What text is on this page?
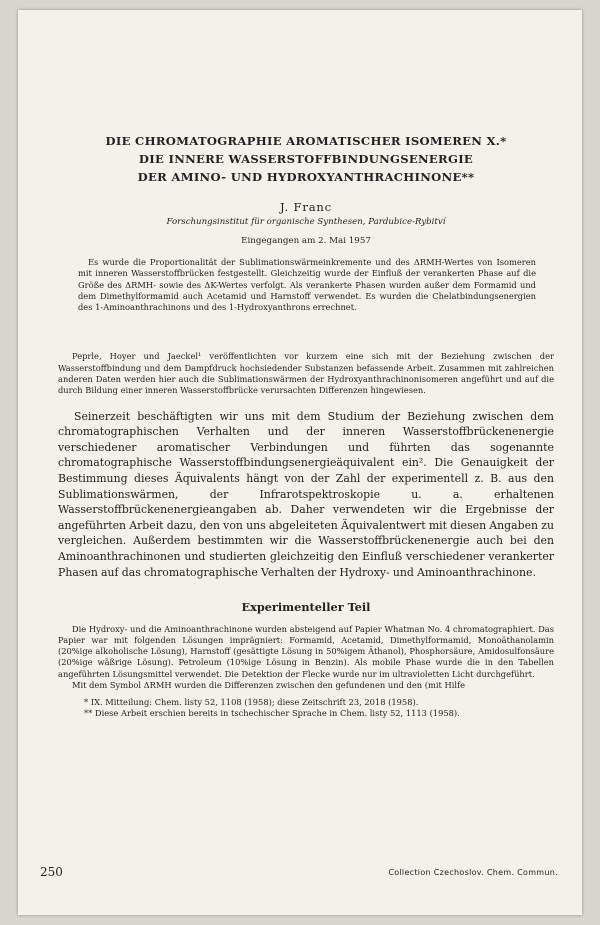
DIE CHROMATOGRAPHIE AROMATISCHER ISOMEREN X.*
DIE INNERE WASSERSTOFFBINDUNGSENERGIE
DER AMINO- UND HYDROXYANTHRACHINONE**
J. Franc
Forschungsinstitut für organische Synthesen, Pardubice-Rybitví
Eingegangen am 2. Mai 1957

Es wurde die Proportionalität der Sublimationswärmeinkremente und des ΔRMH-Wertes von Isomeren mit inneren Wasserstoffbrücken festgestellt. Gleichzeitig wurde der Einfluß der verankerten Phase auf die Größe des ΔRMH- sowie des ΔK-Wertes verfolgt. Als verankerte Phasen wurden außer dem Formamid und dem Dimethylformamid auch Acetamid und Harnstoff verwendet. Es wurden die Chelatbindungsenergien des 1-Aminoanthrachinons und des 1-Hydroxyanthrons errechnet.

Peprle, Hoyer und Jaeckel¹ veröffentlichten vor kurzem eine sich mit der Beziehung zwischen der Wasserstoffbindung und dem Dampfdruck hochsiedender Substanzen befassende Arbeit. Zusammen mit zahlreichen anderen Daten werden hier auch die Sublimationswärmen der Hydroxyanthrachinonisomeren angeführt und auf die durch Bildung einer inneren Wasserstoffbrücke verursachten Differenzen hingewiesen.

Seinerzeit beschäftigten wir uns mit dem Studium der Beziehung zwischen dem chromatographischen Verhalten und der inneren Wasserstoffbrückenenergie verschiedener aromatischer Verbindungen und führten das sogenannte chromatographische Wasserstoffbindungsenergieäquivalent ein². Die Genauigkeit der Bestimmung dieses Äquivalents hängt von der Zahl der experimentell z. B. aus den Sublimationswärmen, der Infrarotspektroskopie u. a. erhaltenen Wasserstoffbrückenenergieangaben ab. Daher verwendeten wir die Ergebnisse der angeführten Arbeit dazu, den von uns abgeleiteten Äquivalentwert mit diesen Angaben zu vergleichen. Außerdem bestimmten wir die Wasserstoffbrückenenergie auch bei den Aminoanthrachinonen und studierten gleichzeitig den Einfluß verschiedener verankerter Phasen auf das chromatographische Verhalten der Hydroxy- und Aminoanthrachinone.

Experimenteller Teil

Die Hydroxy- und die Aminoanthrachinone wurden absteigend auf Papier Whatman No. 4 chromatographiert. Das Papier war mit folgenden Lösungen imprägniert: Formamid, Acetamid, Dimethylformamid, Monoäthanolamin (20%ige alkoholische Lösung), Harnstoff (gesättigte Lösung in 50%igem Äthanol), Phosphorsäure, Amidosulfonsäure (20%ige wäßrige Lösung). Petroleum (10%ige Lösung in Benzin). Als mobile Phase wurde die in den Tabellen angeführten Lösungsmittel verwendet. Die Detektion der Flecke wurde nur im ultravioletten Licht durchgeführt.

Mit dem Symbol ΔRMH wurden die Differenzen zwischen den gefundenen und den (mit Hilfe

* IX. Mitteilung: Chem. listy 52, 1108 (1958); diese Zeitschrift 23, 2018 (1958).
** Diese Arbeit erschien bereits in tschechischer Sprache in Chem. listy 52, 1113 (1958).
250	Collection Czechoslov. Chem. Commun.
